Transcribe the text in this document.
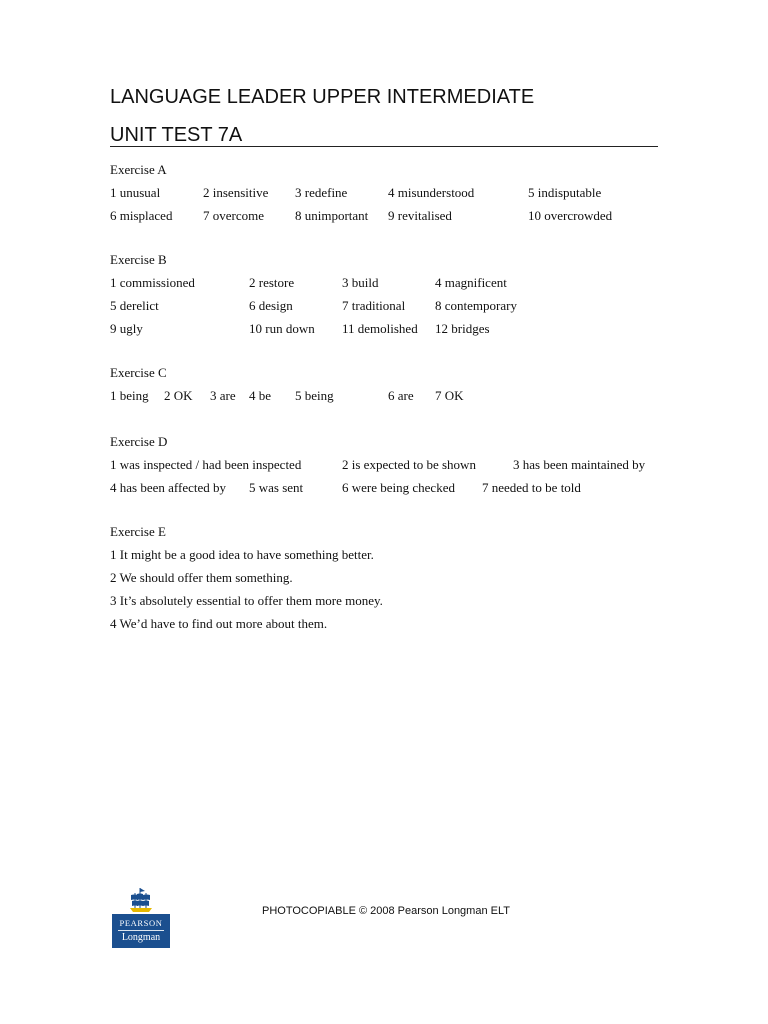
LANGUAGE LEADER UPPER INTERMEDIATE
UNIT TEST 7A
Exercise A
1 unusual	2 insensitive 3 redefine	4 misunderstood	5 indisputable
6 misplaced 7 overcome 8 unimportant 9 revitalised	10 overcrowded
Exercise B
1 commissioned	2 restore	3 build	4 magnificent
5 derelict	6 design	7 traditional 8 contemporary
9 ugly	10 run down 11 demolished 12 bridges
Exercise C
1 being 2 OK 3 are 4 be 5 being	6 are 7 OK
Exercise D
1 was inspected / had been inspected	2 is expected to be shown	3 has been maintained by
4 has been affected by 5 was sent	6 were being checked 7 needed to be told
Exercise E
1 It might be a good idea to have something better.
2 We should offer them something.
3 It’s absolutely essential to offer them more money.
4 We’d have to find out more about them.
PEARSON
Longman
PHOTOCOPIABLE © 2008 Pearson Longman ELT
